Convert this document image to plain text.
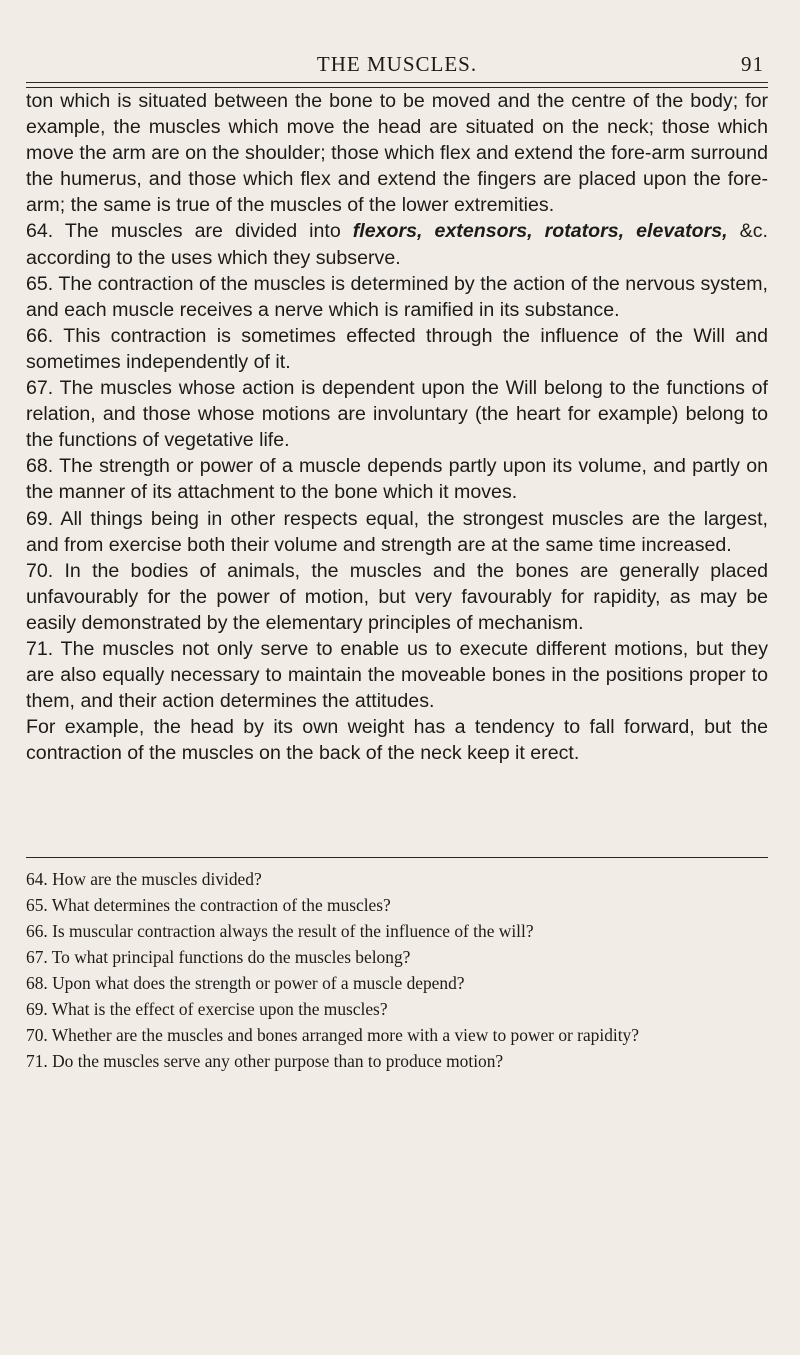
THE MUSCLES.	91

ton which is situated between the bone to be moved and the centre of the body; for example, the muscles which move the head are situated on the neck; those which move the arm are on the shoulder; those which flex and extend the fore-arm surround the humerus, and those which flex and extend the fingers are placed upon the fore-arm; the same is true of the muscles of the lower extremities.

64. The muscles are divided into flexors, extensors, rotators, elevators, &c. according to the uses which they subserve.

65. The contraction of the muscles is determined by the action of the nervous system, and each muscle receives a nerve which is ramified in its substance.

66. This contraction is sometimes effected through the influence of the Will and sometimes independently of it.

67. The muscles whose action is dependent upon the Will belong to the functions of relation, and those whose motions are involuntary (the heart for example) belong to the functions of vegetative life.

68. The strength or power of a muscle depends partly upon its volume, and partly on the manner of its attachment to the bone which it moves.

69. All things being in other respects equal, the strongest muscles are the largest, and from exercise both their volume and strength are at the same time increased.

70. In the bodies of animals, the muscles and the bones are generally placed unfavourably for the power of motion, but very favourably for rapidity, as may be easily demonstrated by the elementary principles of mechanism.

71. The muscles not only serve to enable us to execute different motions, but they are also equally necessary to maintain the moveable bones in the positions proper to them, and their action determines the attitudes.

For example, the head by its own weight has a tendency to fall forward, but the contraction of the muscles on the back of the neck keep it erect.

64. How are the muscles divided?

65. What determines the contraction of the muscles?

66. Is muscular contraction always the result of the influence of the will?

67. To what principal functions do the muscles belong?

68. Upon what does the strength or power of a muscle depend?

69. What is the effect of exercise upon the muscles?

70. Whether are the muscles and bones arranged more with a view to power or rapidity?

71. Do the muscles serve any other purpose than to produce motion?
